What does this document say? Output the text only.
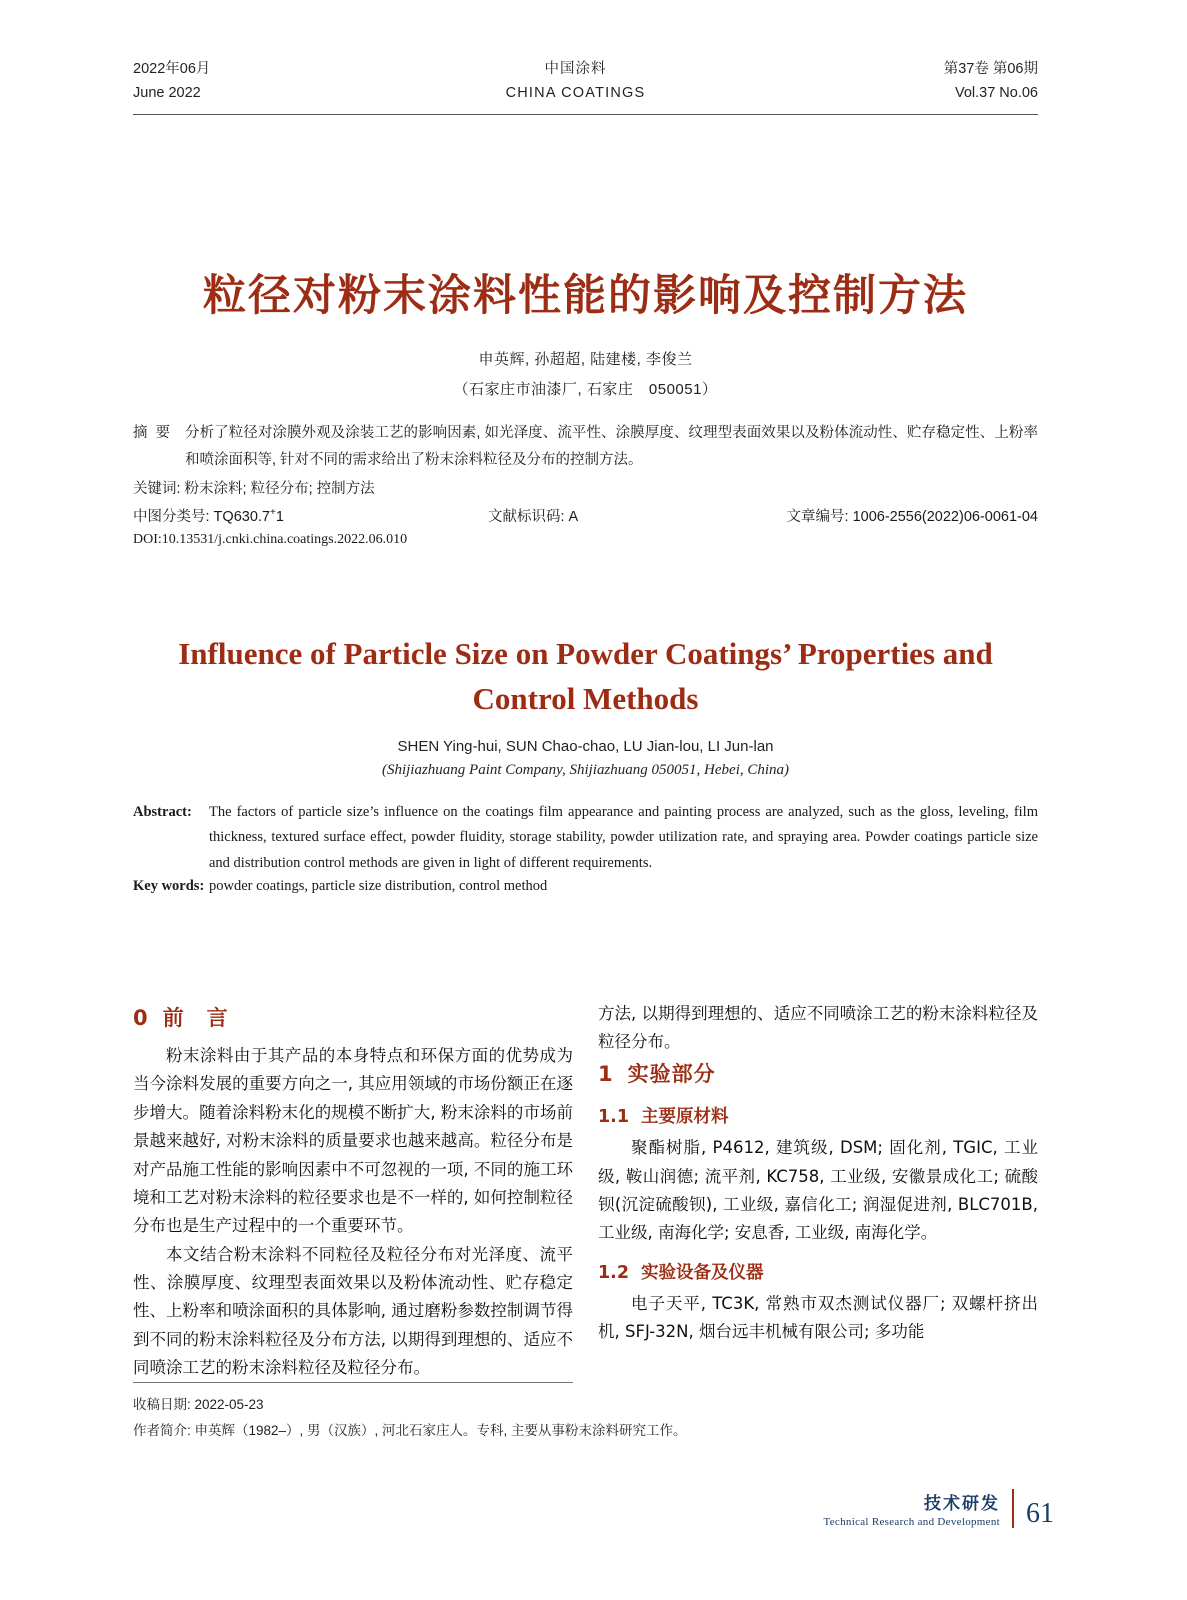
2022年06月
June 2022
中国涂料
CHINA COATINGS
第37卷 第06期
Vol.37 No.06
粒径对粉末涂料性能的影响及控制方法
申英辉, 孙超超, 陆建楼, 李俊兰
（石家庄市油漆厂, 石家庄　050051）
摘要 分析了粒径对涂膜外观及涂装工艺的影响因素, 如光泽度、流平性、涂膜厚度、纹理型表面效果以及粉体流动性、贮存稳定性、上粉率和喷涂面积等, 针对不同的需求给出了粉末涂料粒径及分布的控制方法。
关键词: 粉末涂料; 粒径分布; 控制方法
中图分类号: TQ630.7+1	文献标识码: A	文章编号: 1006-2556(2022)06-0061-04
DOI:10.13531/j.cnki.china.coatings.2022.06.010
Influence of Particle Size on Powder Coatings’ Properties and Control Methods
SHEN Ying-hui, SUN Chao-chao, LU Jian-lou, LI Jun-lan
(Shijiazhuang Paint Company, Shijiazhuang 050051, Hebei, China)
Abstract:	The factors of particle size’s influence on the coatings film appearance and painting process are analyzed, such as the gloss, leveling, film thickness, textured surface effect, powder fluidity, storage stability, powder utilization rate, and spraying area. Powder coatings particle size and distribution control methods are given in light of different requirements.
Key words: powder coatings, particle size distribution, control method
0 前　言

粉末涂料由于其产品的本身特点和环保方面的优势成为当今涂料发展的重要方向之一, 其应用领域的市场份额正在逐步增大。随着涂料粉末化的规模不断扩大, 粉末涂料的市场前景越来越好, 对粉末涂料的质量要求也越来越高。粒径分布是对产品施工性能的影响因素中不可忽视的一项, 不同的施工环境和工艺对粉末涂料的粒径要求也是不一样的, 如何控制粒径分布也是生产过程中的一个重要环节。

本文结合粉末涂料不同粒径及粒径分布对光泽度、流平性、涂膜厚度、纹理型表面效果以及粉体流动性、贮存稳定性、上粉率和喷涂面积的具体影响, 通过磨粉参数控制调节得到不同的粉末涂料粒径及分布方法, 以期得到理想的、适应不同喷涂工艺的粉末涂料粒径及粒径分布。

1 实验部分
1.1 主要原材料

聚酯树脂, P4612, 建筑级, DSM; 固化剂, TGIC, 工业级, 鞍山润德; 流平剂, KC758, 工业级, 安徽景成化工; 硫酸钡(沉淀硫酸钡), 工业级, 嘉信化工; 润湿促进剂, BLC701B, 工业级, 南海化学; 安息香, 工业级, 南海化学。

1.2 实验设备及仪器

电子天平, TC3K, 常熟市双杰测试仪器厂; 双螺杆挤出机, SFJ-32N, 烟台远丰机械有限公司; 多功能

方法, 以期得到理想的、适应不同喷涂工艺的粉末涂料粒径及粒径分布。
收稿日期: 2022-05-23
作者简介: 申英辉（1982–）, 男（汉族）, 河北石家庄人。专科, 主要从事粉末涂料研究工作。
技术研发
Technical Research and Development 61
